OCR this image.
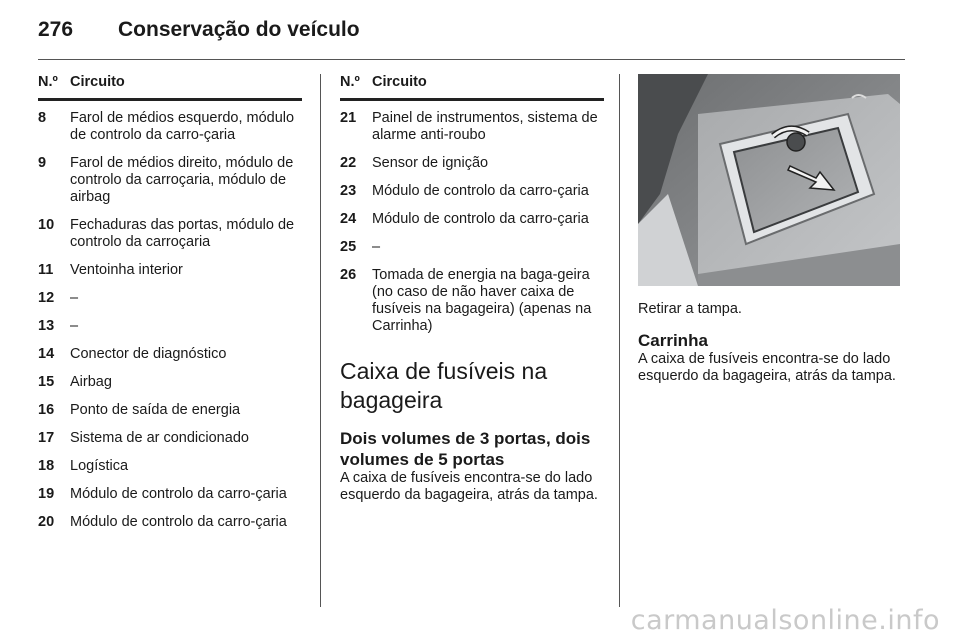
276 Conservação do veículo
N.º Circuito
8	Farol de médios esquerdo, módulo de controlo da carro-çaria
9	Farol de médios direito, módulo de controlo da carroçaria, módulo de airbag
10	Fechaduras das portas, módulo de controlo da carroçaria
11	Ventoinha interior
12	–
13	–
14	Conector de diagnóstico
15	Airbag
16	Ponto de saída de energia
17	Sistema de ar condicionado
18	Logística
19	Módulo de controlo da carro-çaria
20	Módulo de controlo da carro-çaria
N.º Circuito
21	Painel de instrumentos, sistema de alarme anti-roubo
22	Sensor de ignição
23	Módulo de controlo da carro-çaria
24	Módulo de controlo da carro-çaria
25	–
26	Tomada de energia na baga-geira (no caso de não haver caixa de fusíveis na bagageira) (apenas na Carrinha)
Caixa de fusíveis na bagageira
Dois volumes de 3 portas, dois volumes de 5 portas
A caixa de fusíveis encontra-se do lado esquerdo da bagageira, atrás da tampa.
Retirar a tampa.
Carrinha
A caixa de fusíveis encontra-se do lado esquerdo da bagageira, atrás da tampa.
carmanualsonline.info
